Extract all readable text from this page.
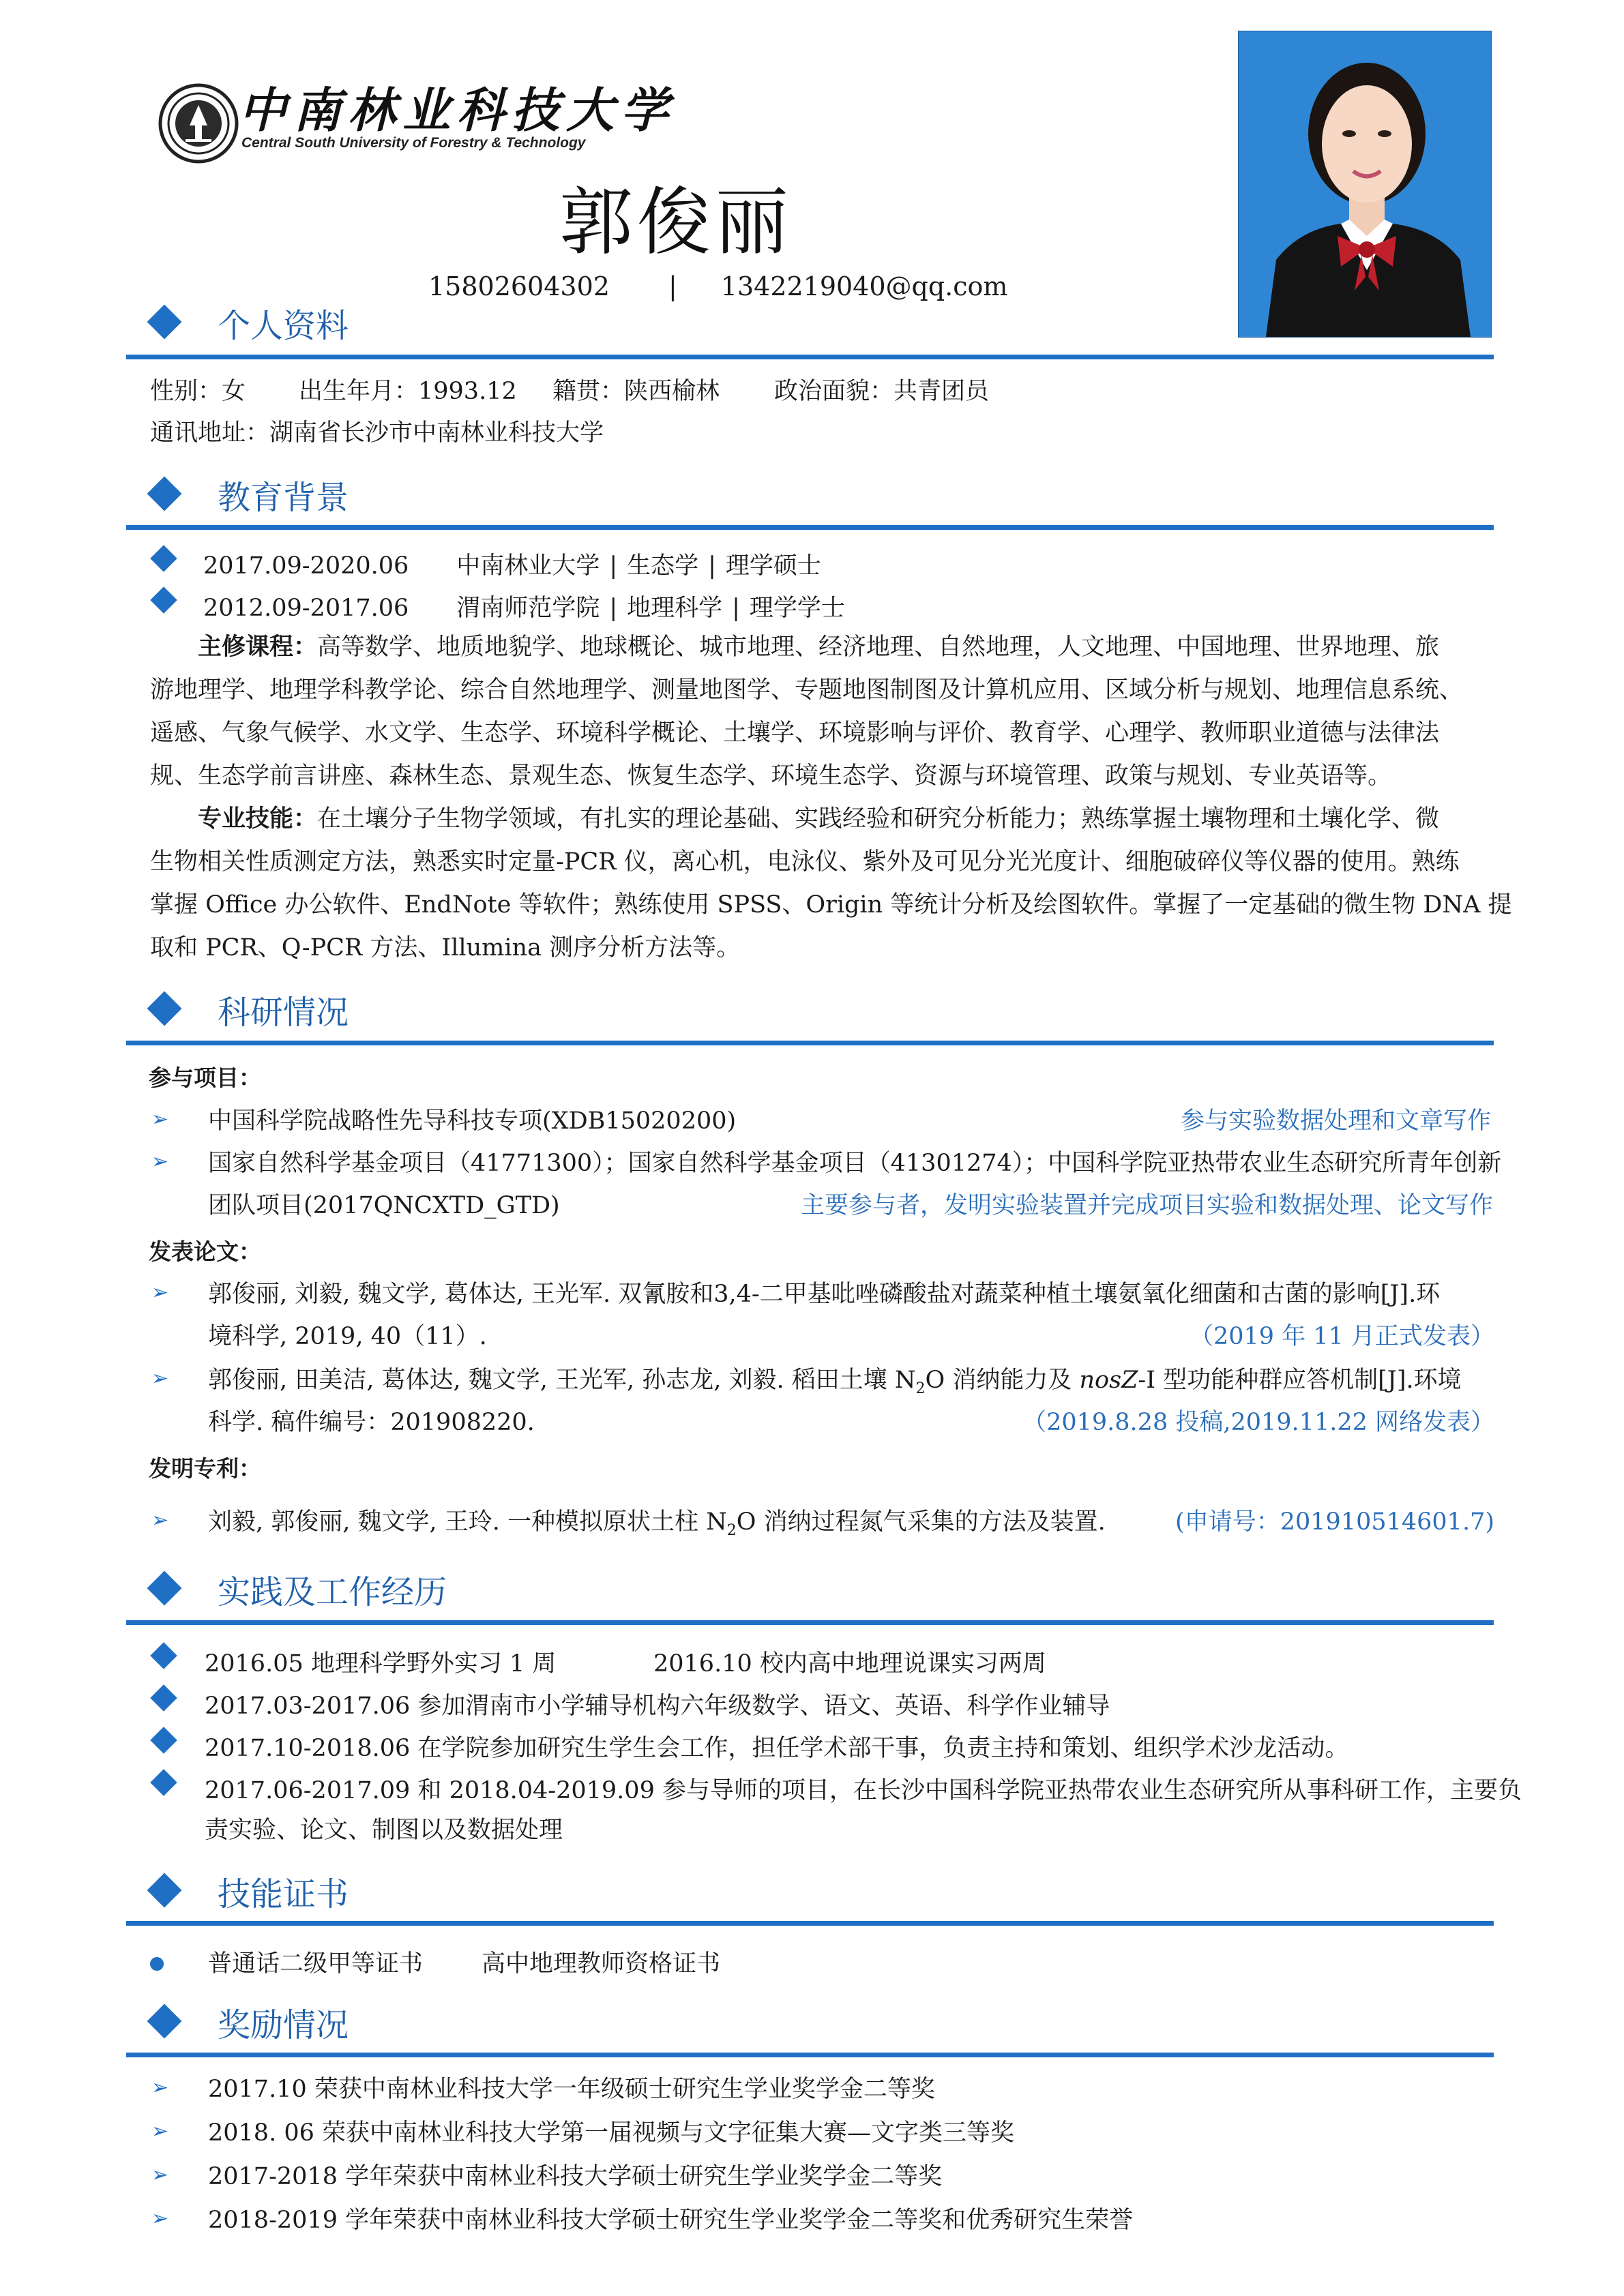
中南林业科技大学
Central South University of Forestry & Technology
郭俊丽
15802604302 | 1342219040@qq.com
个人资料
性别：女 出生年月：1993.12 籍贯：陕西榆林 政治面貌：共青团员
通讯地址：湖南省长沙市中南林业科技大学
教育背景
2017.09-2020.06 中南林业大学 | 生态学 | 理学硕士
2012.09-2017.06 渭南师范学院 | 地理科学 | 理学学士
主修课程：高等数学、地质地貌学、地球概论、城市地理、经济地理、自然地理，人文地理、中国地理、世界地理、旅
游地理学、地理学科教学论、综合自然地理学、测量地图学、专题地图制图及计算机应用、区域分析与规划、地理信息系统、
遥感、气象气候学、水文学、生态学、环境科学概论、土壤学、环境影响与评价、教育学、心理学、教师职业道德与法律法
规、生态学前言讲座、森林生态、景观生态、恢复生态学、环境生态学、资源与环境管理、政策与规划、专业英语等。
专业技能：在土壤分子生物学领域，有扎实的理论基础、实践经验和研究分析能力；熟练掌握土壤物理和土壤化学、微
生物相关性质测定方法，熟悉实时定量-PCR 仪，离心机，电泳仪、紫外及可见分光光度计、细胞破碎仪等仪器的使用。熟练
掌握 Office 办公软件、EndNote 等软件；熟练使用 SPSS、Origin 等统计分析及绘图软件。掌握了一定基础的微生物 DNA 提
取和 PCR、Q-PCR 方法、Illumina 测序分析方法等。
科研情况
参与项目：
➢ 中国科学院战略性先导科技专项(XDB15020200)	参与实验数据处理和文章写作
➢ 国家自然科学基金项目（41771300）；国家自然科学基金项目（41301274）；中国科学院亚热带农业生态研究所青年创新
团队项目(2017QNCXTD_GTD)	主要参与者，发明实验装置并完成项目实验和数据处理、论文写作
发表论文：
➢ 郭俊丽, 刘毅, 魏文学, 葛体达, 王光军. 双氰胺和3,4-二甲基吡唑磷酸盐对蔬菜种植土壤氨氧化细菌和古菌的影响[J].环
境科学, 2019, 40（11）.	（2019 年 11 月正式发表）
➢ 郭俊丽, 田美洁, 葛体达, 魏文学, 王光军, 孙志龙, 刘毅. 稻田土壤 $N_2O$ 消纳能力及 nosZ-I 型功能种群应答机制[J].环境
科学. 稿件编号：201908220.	（2019.8.28 投稿,2019.11.22 网络发表）
发明专利：
➢ 刘毅, 郭俊丽, 魏文学, 王玲. 一种模拟原状土柱 $N_2O$ 消纳过程氮气采集的方法及装置.	(申请号：201910514601.7)
实践及工作经历
2016.05 地理科学野外实习 1 周	2016.10 校内高中地理说课实习两周
2017.03-2017.06 参加渭南市小学辅导机构六年级数学、语文、英语、科学作业辅导
2017.10-2018.06 在学院参加研究生学生会工作，担任学术部干事，负责主持和策划、组织学术沙龙活动。
2017.06-2017.09 和 2018.04-2019.09 参与导师的项目，在长沙中国科学院亚热带农业生态研究所从事科研工作，主要负
责实验、论文、制图以及数据处理
技能证书
普通话二级甲等证书 高中地理教师资格证书
奖励情况
➢ 2017.10 荣获中南林业科技大学一年级硕士研究生学业奖学金二等奖
➢ 2018. 06 荣获中南林业科技大学第一届视频与文字征集大赛—文字类三等奖
➢ 2017-2018 学年荣获中南林业科技大学硕士研究生学业奖学金二等奖
➢ 2018-2019 学年荣获中南林业科技大学硕士研究生学业奖学金二等奖和优秀研究生荣誉
